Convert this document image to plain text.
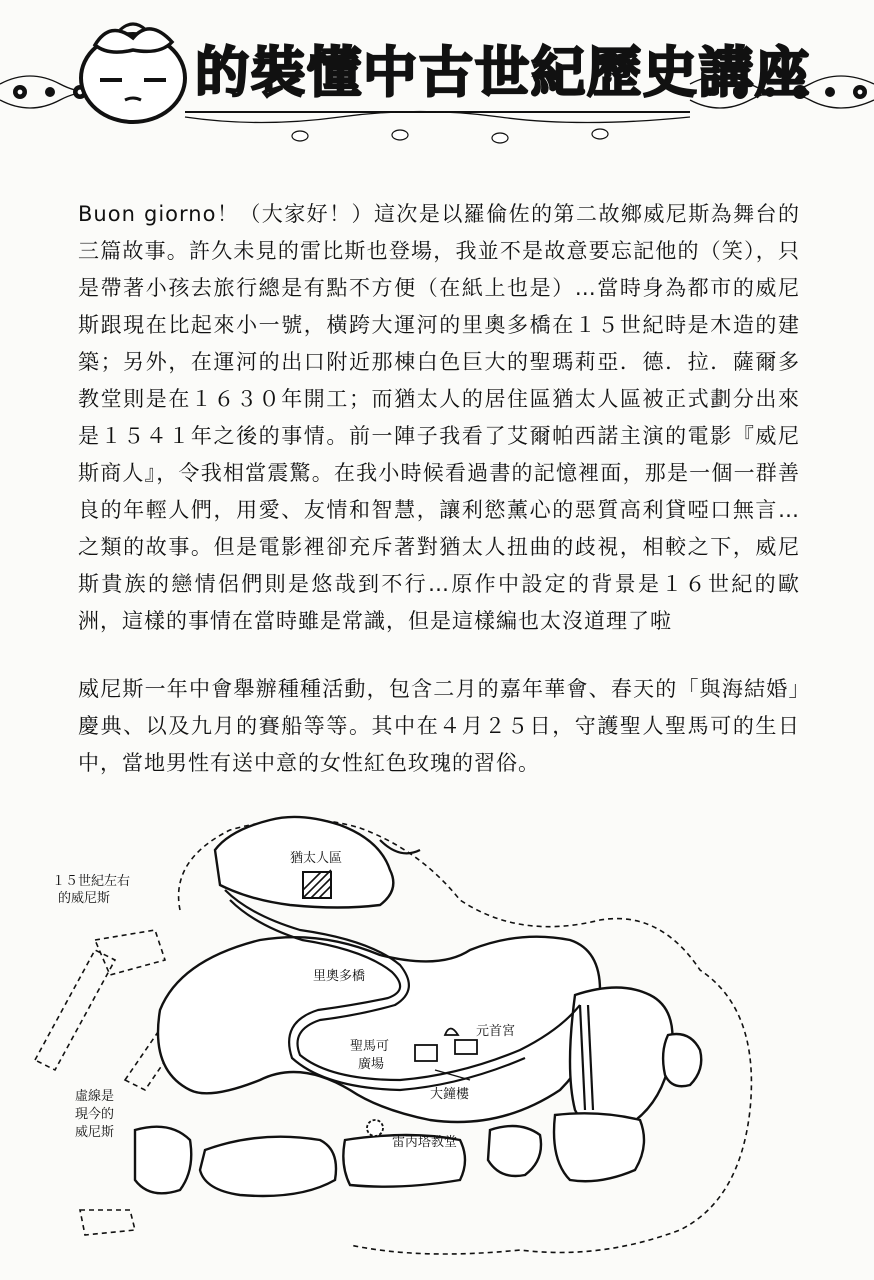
的裝懂中古世紀歷史講座

Buon giorno！（大家好！）這次是以羅倫佐的第二故鄉威尼斯為舞台的三篇故事。許久未見的雷比斯也登場，我並不是故意要忘記他的（笑），只是帶著小孩去旅行總是有點不方便（在紙上也是）…當時身為都市的威尼斯跟現在比起來小一號，橫跨大運河的里奧多橋在１５世紀時是木造的建築；另外，在運河的出口附近那棟白色巨大的聖瑪莉亞．德．拉．薩爾多教堂則是在１６３０年開工；而猶太人的居住區猶太人區被正式劃分出來是１５４１年之後的事情。前一陣子我看了艾爾帕西諾主演的電影『威尼斯商人』，令我相當震驚。在我小時候看過書的記憶裡面，那是一個一群善良的年輕人們，用愛、友情和智慧，讓利慾薰心的惡質高利貸啞口無言…之類的故事。但是電影裡卻充斥著對猶太人扭曲的歧視，相較之下，威尼斯貴族的戀情侶們則是悠哉到不行…原作中設定的背景是１６世紀的歐洲，這樣的事情在當時雖是常識，但是這樣編也太沒道理了啦

威尼斯一年中會舉辦種種活動，包含二月的嘉年華會、春天的「與海結婚」慶典、以及九月的賽船等等。其中在４月２５日，守護聖人聖馬可的生日中，當地男性有送中意的女性紅色玫瑰的習俗。

１５世紀左右
的威尼斯
虛線是
現今的
威尼斯
猶太人區
里奧多橋
元首宮
聖馬可
廣場
大鐘樓
雷丙塔教堂
